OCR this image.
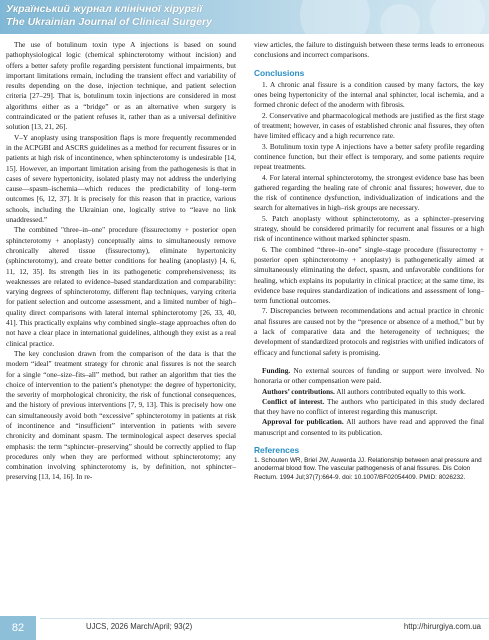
Український журнал клінічної хірургії
The Ukrainian Journal of Clinical Surgery

The use of botulinum toxin type A injections is based on sound pathophysiological logic (chemical sphincterotomy without incision) and offers a better safety profile regarding persistent functional impairments, but important limitations remain, including the transient effect and variability of results depending on the dose, injection technique, and patient selection criteria [27–29]. That is, botulinum toxin injections are considered in most algorithms either as a “bridge” or as an alternative when surgery is contraindicated or the patient refuses it, rather than as a universal definitive solution [13, 21, 26].

V–Y anoplasty using transposition flaps is more frequently recommended in the ACPGBI and ASCRS guidelines as a method for recurrent fissures or in patients at high risk of incontinence, when sphincterotomy is undesirable [14, 15]. However, an important limitation arising from the pathogenesis is that in cases of severe hypertonicity, isolated plasty may not address the underlying cause—spasm–ischemia—which reduces the predictability of long–term outcomes [6, 12, 37]. It is precisely for this reason that in practice, various schools, including the Ukrainian one, logically strive to “leave no link unaddressed.”

The combined "three–in–one" procedure (fissurectomy + posterior open sphincterotomy + anoplasty) conceptually aims to simultaneously remove chronically altered tissue (fissurectomy), eliminate hypertonicity (sphincterotomy), and create better conditions for healing (anoplasty) [4, 6, 11, 12, 35]. Its strength lies in its pathogenetic comprehensiveness; its weaknesses are related to evidence–based standardization and comparability: varying degrees of sphincterotomy, different flap techniques, varying criteria for patient selection and outcome assessment, and a limited number of high–quality direct comparisons with lateral internal sphincterotomy [26, 33, 40, 41]. This practically explains why combined single–stage approaches often do not have a clear place in international guidelines, although they exist as a real clinical practice.

The key conclusion drawn from the comparison of the data is that the modern “ideal” treatment strategy for chronic anal fissures is not the search for a single “one–size–fits–all” method, but rather an algorithm that ties the choice of intervention to the patient’s phenotype: the degree of hypertonicity, the severity of morphological chronicity, the risk of functional consequences, and the history of previous interventions [7, 9, 13]. This is precisely how one can simultaneously avoid both “excessive” sphincterotomy in patients at risk of incontinence and “insufficient” intervention in patients with severe chronicity and dominant spasm. The terminological aspect deserves special emphasis: the term “sphincter–preserving” should be correctly applied to flap procedures only when they are performed without sphincterotomy; any combination involving sphincterotomy is, by definition, not sphincter–preserving [13, 14, 16]. In re-

view articles, the failure to distinguish between these terms leads to erroneous conclusions and incorrect comparisons.

Conclusions

1. A chronic anal fissure is a condition caused by many factors, the key ones being hypertonicity of the internal anal sphincter, local ischemia, and a formed chronic defect of the anoderm with fibrosis.

2. Conservative and pharmacological methods are justified as the first stage of treatment; however, in cases of established chronic anal fissures, they often have limited efficacy and a high recurrence rate.

3. Botulinum toxin type A injections have a better safety profile regarding continence function, but their effect is temporary, and some patients require repeat treatments.

4. For lateral internal sphincterotomy, the strongest evidence base has been gathered regarding the healing rate of chronic anal fissures; however, due to the risk of continence dysfunction, individualization of indications and the search for alternatives in high–risk groups are necessary.

5. Patch anoplasty without sphincterotomy, as a sphincter–preserving strategy, should be considered primarily for recurrent anal fissures or a high risk of incontinence without marked sphincter spasm.

6. The combined “three–in–one” single–stage procedure (fissurectomy + posterior open sphincterotomy + anoplasty) is pathogenetically aimed at simultaneously eliminating the defect, spasm, and unfavorable conditions for healing, which explains its popularity in clinical practice; at the same time, its evidence base requires standardization of indications and assessment of long–term functional outcomes.

7. Discrepancies between recommendations and actual practice in chronic anal fissures are caused not by the “presence or absence of a method,” but by a lack of comparative data and the heterogeneity of techniques; the development of standardized protocols and registries with unified indicators of efficacy and functional safety is promising.

Funding. No external sources of funding or support were involved. No honoraria or other compensation were paid.

Authors’ contributions. All authors contributed equally to this work.

Conflict of interest. The authors who participated in this study declared that they have no conflict of interest regarding this manuscript.

Approval for publication. All authors have read and approved the final manuscript and consented to its publication.

References

1. Schouten WR, Briel JW, Auwerda JJ. Relationship between anal pressure and anodermal blood flow. The vascular pathogenesis of anal fissures. Dis Colon Rectum. 1994 Jul;37(7):664-9. doi: 10.1007/BF02054409. PMID: 8026232.

82	UJCS, 2026 March/April; 93(2)	http://hirurgiya.com.ua
